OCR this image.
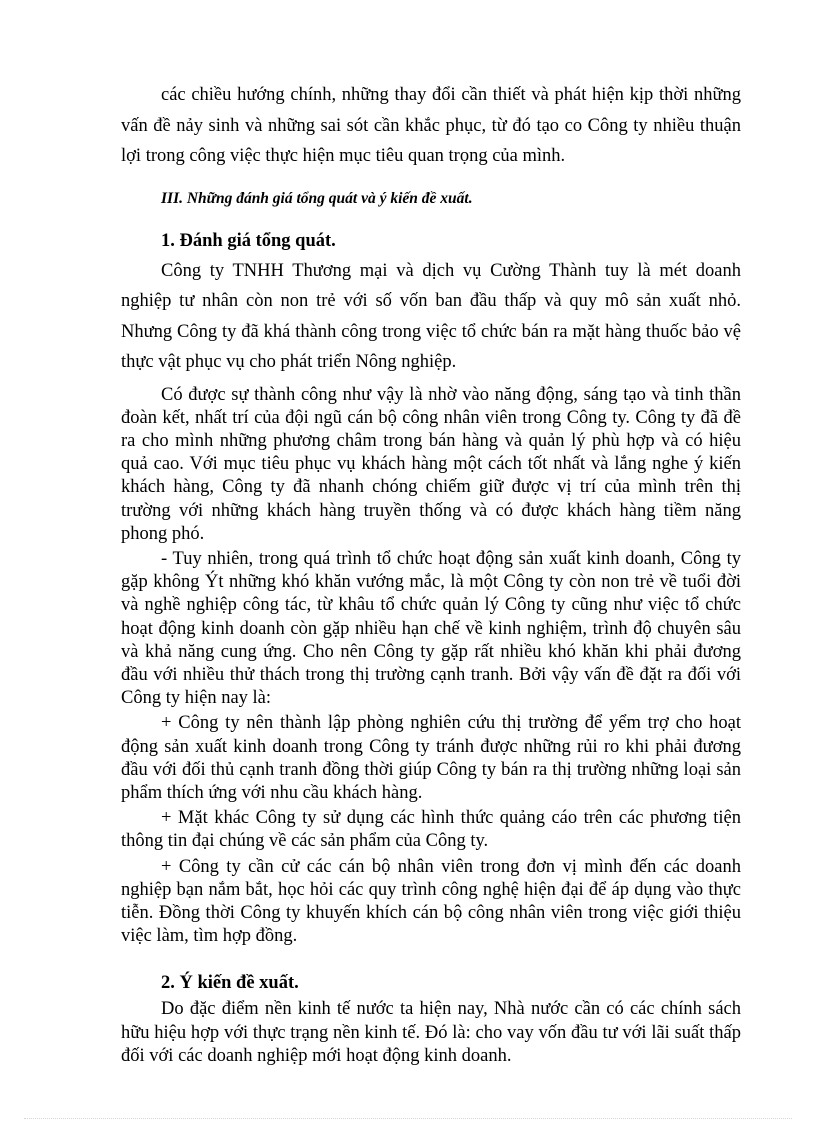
các chiều hướng chính, những thay đổi cần thiết và phát hiện kịp thời những vấn đề nảy sinh và những sai sót cần khắc phục, từ đó tạo co Công ty nhiều thuận lợi trong công việc thực hiện mục tiêu quan trọng của mình.

III. Những đánh giá tổng quát và ý kiến đề xuất.
1. Đánh giá tổng quát.

Công ty TNHH Thương mại và dịch vụ Cường Thành tuy là mét doanh nghiệp tư nhân còn non trẻ với số vốn ban đầu thấp và quy mô sản xuất nhỏ. Nhưng Công ty đã khá thành công trong việc tổ chức bán ra mặt hàng thuốc bảo vệ thực vật phục vụ cho phát triển Nông nghiệp.

Có được sự thành công như vậy là nhờ vào năng động, sáng tạo và tinh thần đoàn kết, nhất trí của đội ngũ cán bộ công nhân viên trong Công ty. Công ty đã đề ra cho mình những phương châm trong bán hàng và quản lý phù hợp và có hiệu quả cao. Với mục tiêu phục vụ khách hàng một cách tốt nhất và lắng nghe ý kiến khách hàng, Công ty đã nhanh chóng chiếm giữ được vị trí của mình trên thị trường với những khách hàng truyền thống và có được khách hàng tiềm năng phong phó.

- Tuy nhiên, trong quá trình tổ chức hoạt động sản xuất kinh doanh, Công ty gặp không Ýt những khó khăn vướng mắc, là một Công ty còn non trẻ về tuổi đời và nghề nghiệp công tác, từ khâu tổ chức quản lý Công ty cũng như việc tổ chức hoạt động kinh doanh còn gặp nhiều hạn chế về kinh nghiệm, trình độ chuyên sâu và khả năng cung ứng. Cho nên Công ty gặp rất nhiều khó khăn khi phải đương đầu với nhiều thử thách trong thị trường cạnh tranh. Bởi vậy vấn đề đặt ra đối với Công ty hiện nay là:

+ Công ty nên thành lập phòng nghiên cứu thị trường để yểm trợ cho hoạt động sản xuất kinh doanh trong Công ty tránh được những rủi ro khi phải đương đầu với đối thủ cạnh tranh đồng thời giúp Công ty bán ra thị trường những loại sản phẩm thích ứng với nhu cầu khách hàng.

+ Mặt khác Công ty sử dụng các hình thức quảng cáo trên các phương tiện thông tin đại chúng về các sản phẩm của Công ty.

+ Công ty cần cử các cán bộ nhân viên trong đơn vị mình đến các doanh nghiệp bạn nắm bắt, học hỏi các quy trình công nghệ hiện đại để áp dụng vào thực tiễn. Đồng thời Công ty khuyến khích cán bộ công nhân viên trong việc giới thiệu việc làm, tìm hợp đồng.

2. Ý kiến đề xuất.

Do đặc điểm nền kinh tế nước ta hiện nay, Nhà nước cần có các chính sách hữu hiệu hợp với thực trạng nền kinh tế. Đó là: cho vay vốn đầu tư với lãi suất thấp đối với các doanh nghiệp mới hoạt động kinh doanh.
